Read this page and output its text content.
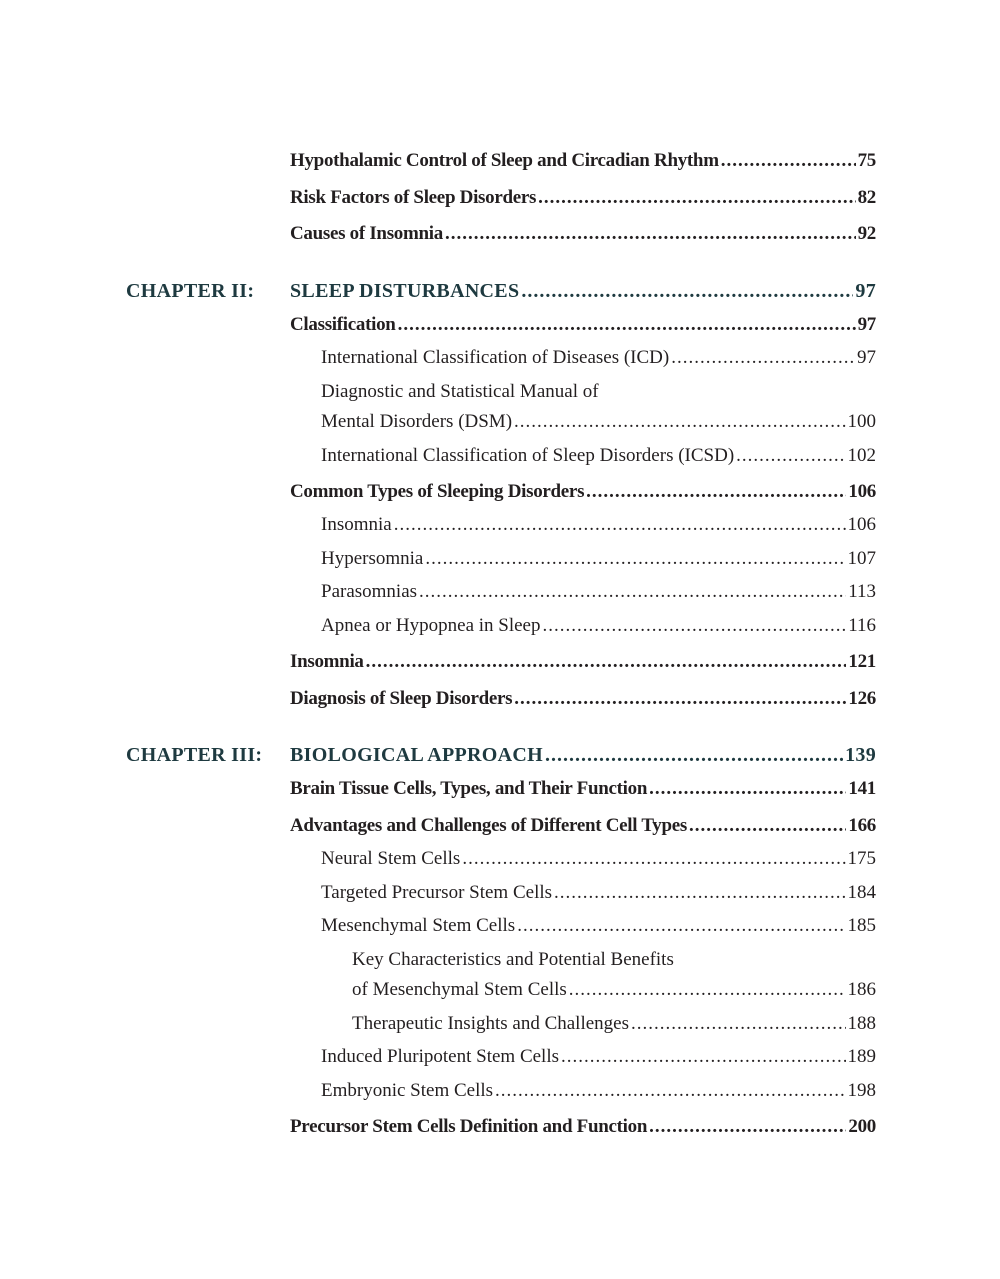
Hypothalamic Control of Sleep and Circadian Rhythm .....	75
Risk Factors of Sleep Disorders .....	82
Causes of Insomnia .....	92
CHAPTER II: SLEEP DISTURBANCES .....	97
Classification .....	97
International Classification of Diseases (ICD) .....	97
Diagnostic and Statistical Manual of
Mental Disorders (DSM) .....	100
International Classification of Sleep Disorders (ICSD) .....	102
Common Types of Sleeping Disorders .....	106
Insomnia .....	106
Hypersomnia .....	107
Parasomnias .....	113
Apnea or Hypopnea in Sleep .....	116
Insomnia .....	121
Diagnosis of Sleep Disorders .....	126
CHAPTER III: BIOLOGICAL APPROACH .....	139
Brain Tissue Cells, Types, and Their Function .....	141
Advantages and Challenges of Different Cell Types .....	166
Neural Stem Cells .....	175
Targeted Precursor Stem Cells .....	184
Mesenchymal Stem Cells .....	185
Key Characteristics and Potential Benefits
of Mesenchymal Stem Cells .....	186
Therapeutic Insights and Challenges .....	188
Induced Pluripotent Stem Cells .....	189
Embryonic Stem Cells .....	198
Precursor Stem Cells Definition and Function .....	200
